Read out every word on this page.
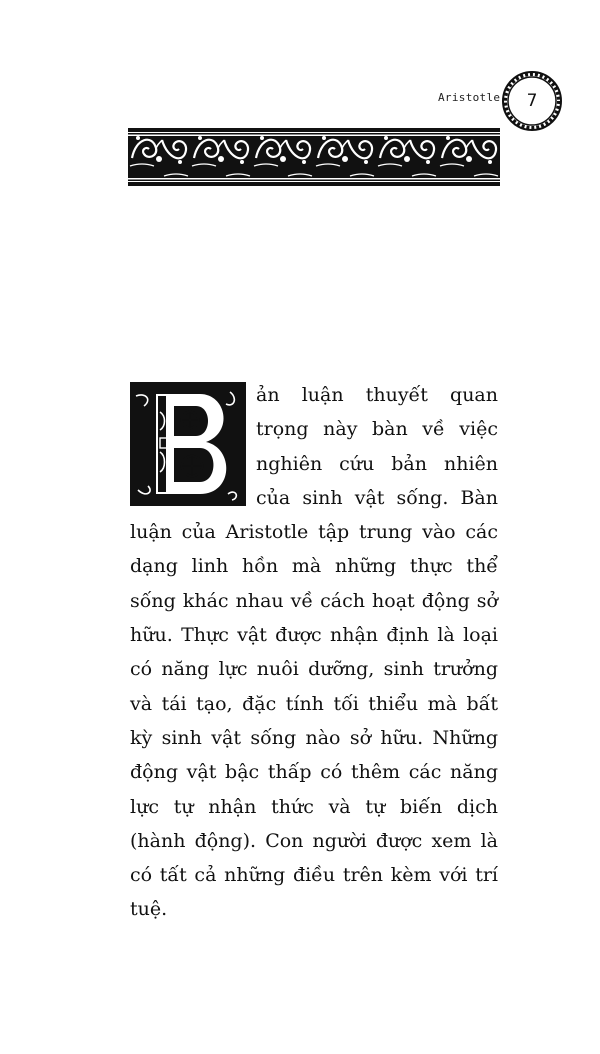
Aristotle	7
ản luận thuyết quan trọng này bàn về việc nghiên cứu bản nhiên của sinh vật sống. Bàn luận của Aristotle tập trung vào các dạng linh hồn mà những thực thể sống khác nhau về cách hoạt động sở hữu. Thực vật được nhận định là loại có năng lực nuôi dưỡng, sinh trưởng và tái tạo, đặc tính tối thiểu mà bất kỳ sinh vật sống nào sở hữu. Những động vật bậc thấp có thêm các năng lực tự nhận thức và tự biến dịch (hành động). Con người được xem là có tất cả những điều trên kèm với trí tuệ.
